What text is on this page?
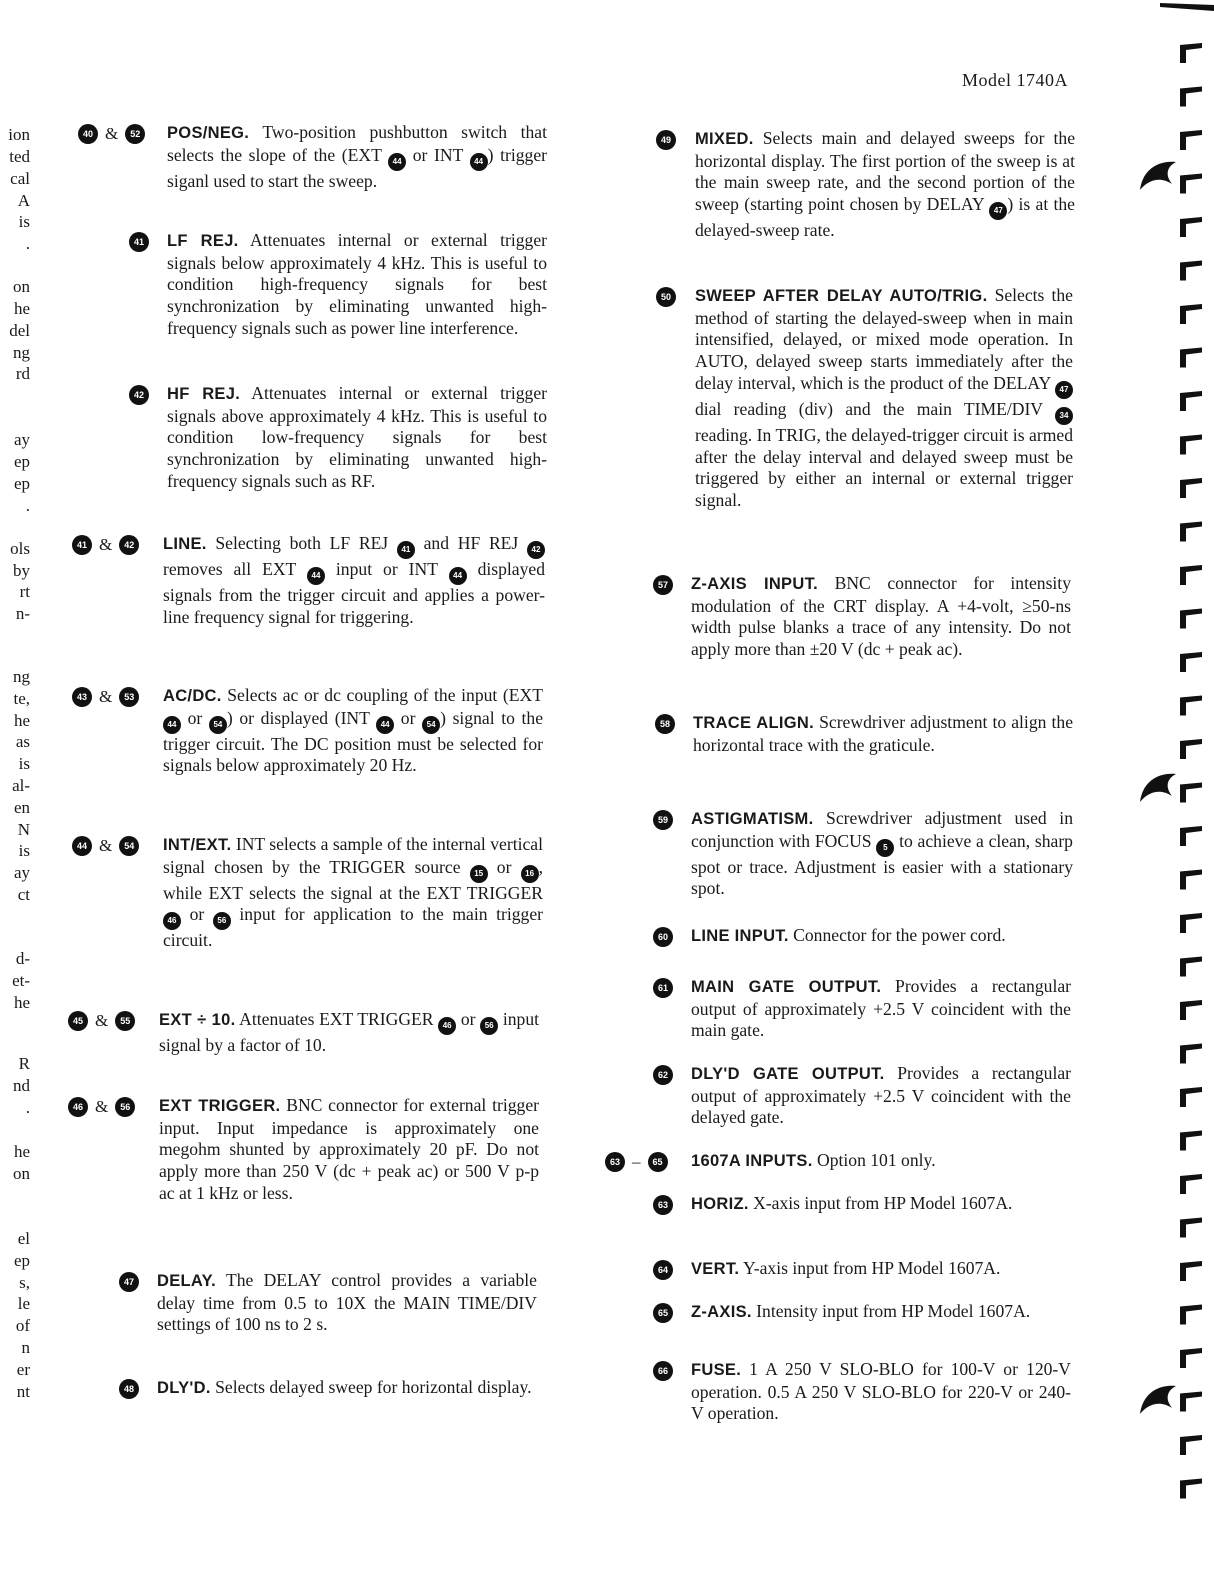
Model 1740A
ion
ted
cal
A
is
.
on
he
del
ng
rd
ay
ep
ep
.
ols
by
rt
n-
ng
te,
he
as
is
al-
en
N
is
ay
ct
d-
et-
he
R
nd
.
he
on
el
ep
s,
le
of
n
er
nt
40 & 52	POS/NEG. Two-position pushbutton switch that selects the slope of the (EXT 44 or INT 44 ) trigger siganl used to start the sweep.
41	LF REJ. Attenuates internal or external trigger signals below approximately 4 kHz. This is useful to condition high-frequency signals for best synchronization by eliminating unwanted high-frequency signals such as power line interference.
42	HF REJ. Attenuates internal or external trigger signals above approximately 4 kHz. This is useful to condition low-frequency signals for best synchronization by eliminating unwanted high-frequency signals such as RF.
41 & 42	LINE. Selecting both LF REJ 41 and HF REJ 42 removes all EXT 44 input or INT 44 displayed signals from the trigger circuit and applies a power-line frequency signal for triggering.
43 & 53	AC/DC. Selects ac or dc coupling of the input (EXT 44 or 54 ) or displayed (INT 44 or 54 ) signal to the trigger circuit. The DC position must be selected for signals below approximately 20 Hz.
44 & 54	INT/EXT. INT selects a sample of the internal vertical signal chosen by the TRIGGER source 15 or 16 , while EXT selects the signal at the EXT TRIGGER 46 or 56 input for application to the main trigger circuit.
45 & 55	EXT ÷ 10. Attenuates EXT TRIGGER 46 or 56 input signal by a factor of 10.
46 & 56	EXT TRIGGER. BNC connector for external trigger input. Input impedance is approximately one megohm shunted by approximately 20 pF. Do not apply more than 250 V (dc + peak ac) or 500 V p-p ac at 1 kHz or less.
47	DELAY. The DELAY control provides a variable delay time from 0.5 to 10X the MAIN TIME/DIV settings of 100 ns to 2 s.
48	DLY'D. Selects delayed sweep for horizontal display.
49	MIXED. Selects main and delayed sweeps for the horizontal display. The first portion of the sweep is at the main sweep rate, and the second portion of the sweep (starting point chosen by DELAY 47 ) is at the delayed-sweep rate.
50	SWEEP AFTER DELAY AUTO/TRIG. Selects the method of starting the delayed-sweep when in main intensified, delayed, or mixed mode operation. In AUTO, delayed sweep starts immediately after the delay interval, which is the product of the DELAY 47 dial reading (div) and the main TIME/DIV 34 reading. In TRIG, the delayed-trigger circuit is armed after the delay interval and delayed sweep must be triggered by either an internal or external trigger signal.
57	Z-AXIS INPUT. BNC connector for intensity modulation of the CRT display. A +4-volt, ≥50-ns width pulse blanks a trace of any intensity. Do not apply more than ±20 V (dc + peak ac).
58	TRACE ALIGN. Screwdriver adjustment to align the horizontal trace with the graticule.
59	ASTIGMATISM. Screwdriver adjustment used in conjunction with FOCUS 5 to achieve a clean, sharp spot or trace. Adjustment is easier with a stationary spot.
60	LINE INPUT. Connector for the power cord.
61	MAIN GATE OUTPUT. Provides a rectangular output of approximately +2.5 V coincident with the main gate.
62	DLY'D GATE OUTPUT. Provides a rectangular output of approximately +2.5 V coincident with the delayed gate.
63 – 65	1607A INPUTS. Option 101 only.
63	HORIZ. X-axis input from HP Model 1607A.
64	VERT. Y-axis input from HP Model 1607A.
65	Z-AXIS. Intensity input from HP Model 1607A.
66	FUSE. 1 A 250 V SLO-BLO for 100-V or 120-V operation. 0.5 A 250 V SLO-BLO for 220-V or 240-V operation.
